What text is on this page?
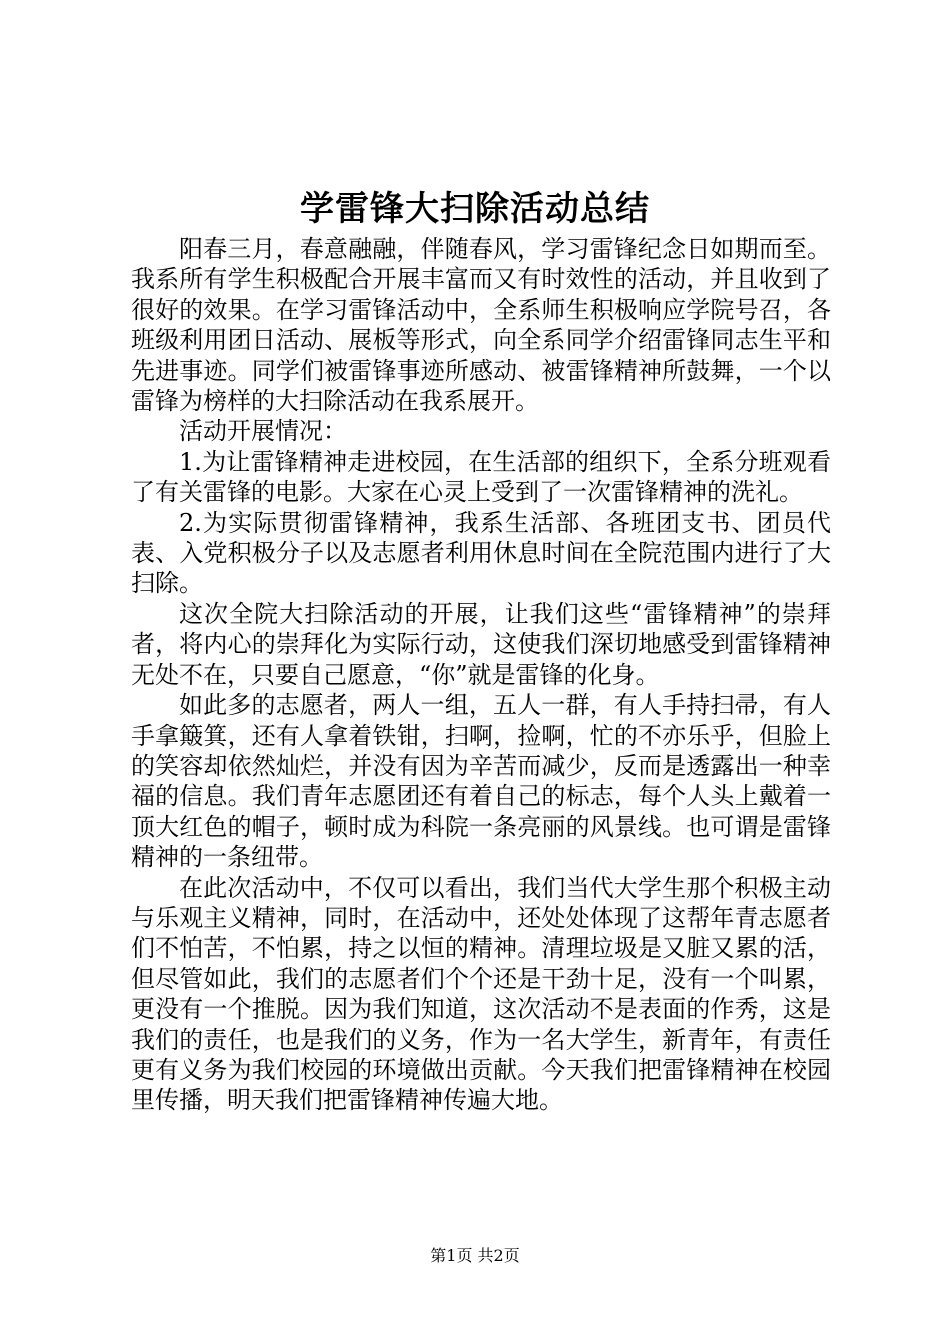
学雷锋大扫除活动总结

阳春三月，春意融融，伴随春风，学习雷锋纪念日如期而至。我系所有学生积极配合开展丰富而又有时效性的活动，并且收到了很好的效果。在学习雷锋活动中，全系师生积极响应学院号召，各班级利用团日活动、展板等形式，向全系同学介绍雷锋同志生平和先进事迹。同学们被雷锋事迹所感动、被雷锋精神所鼓舞，一个以雷锋为榜样的大扫除活动在我系展开。

活动开展情况：

1.为让雷锋精神走进校园，在生活部的组织下，全系分班观看了有关雷锋的电影。大家在心灵上受到了一次雷锋精神的洗礼。

2.为实际贯彻雷锋精神，我系生活部、各班团支书、团员代表、入党积极分子以及志愿者利用休息时间在全院范围内进行了大扫除。

这次全院大扫除活动的开展，让我们这些“雷锋精神”的崇拜者，将内心的崇拜化为实际行动，这使我们深切地感受到雷锋精神无处不在，只要自己愿意，“你”就是雷锋的化身。

如此多的志愿者，两人一组，五人一群，有人手持扫帚，有人手拿簸箕，还有人拿着铁钳，扫啊，捡啊，忙的不亦乐乎，但脸上的笑容却依然灿烂，并没有因为辛苦而减少，反而是透露出一种幸福的信息。我们青年志愿团还有着自己的标志，每个人头上戴着一顶大红色的帽子，顿时成为科院一条亮丽的风景线。也可谓是雷锋精神的一条纽带。

在此次活动中，不仅可以看出，我们当代大学生那个积极主动与乐观主义精神，同时，在活动中，还处处体现了这帮年青志愿者们不怕苦，不怕累，持之以恒的精神。清理垃圾是又脏又累的活，但尽管如此，我们的志愿者们个个还是干劲十足，没有一个叫累，更没有一个推脱。因为我们知道，这次活动不是表面的作秀，这是我们的责任，也是我们的义务，作为一名大学生，新青年，有责任更有义务为我们校园的环境做出贡献。今天我们把雷锋精神在校园里传播，明天我们把雷锋精神传遍大地。

第1页 共2页
